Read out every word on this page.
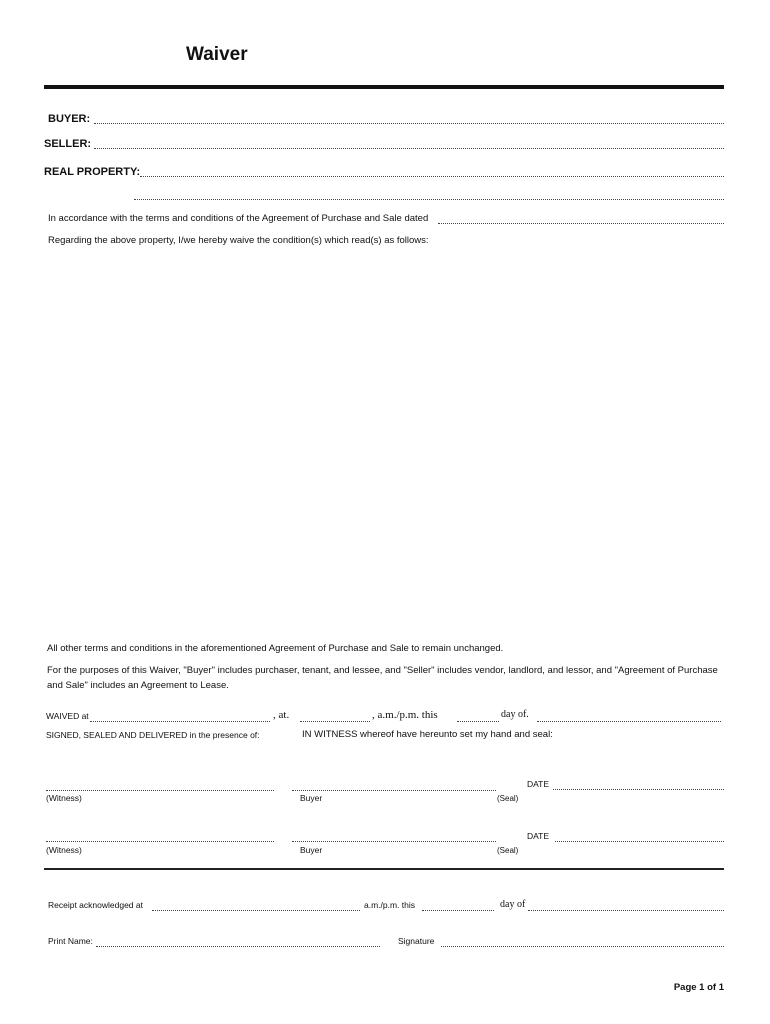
Waiver
BUYER:
SELLER:
REAL PROPERTY:
In accordance with the terms and conditions of the Agreement of Purchase and Sale dated
Regarding the above property, I/we hereby waive the condition(s) which read(s) as follows:
All other terms and conditions in the aforementioned Agreement of Purchase and Sale to remain unchanged.
For the purposes of this Waiver, "Buyer" includes purchaser, tenant, and lessee, and "Seller" includes vendor, landlord, and lessor, and "Agreement of Purchase and Sale" includes an Agreement to Lease.
WAIVED at	, at.	, a.m./p.m. this	day of.
SIGNED, SEALED AND DELIVERED in the presence of:	IN WITNESS whereof have hereunto set my hand and seal:
DATE
(Witness)	Buyer	(Seal)
DATE
(Witness)	Buyer	(Seal)
Receipt acknowledged at	a.m./p.m. this	day of
Print Name:	Signature
Page 1 of 1
